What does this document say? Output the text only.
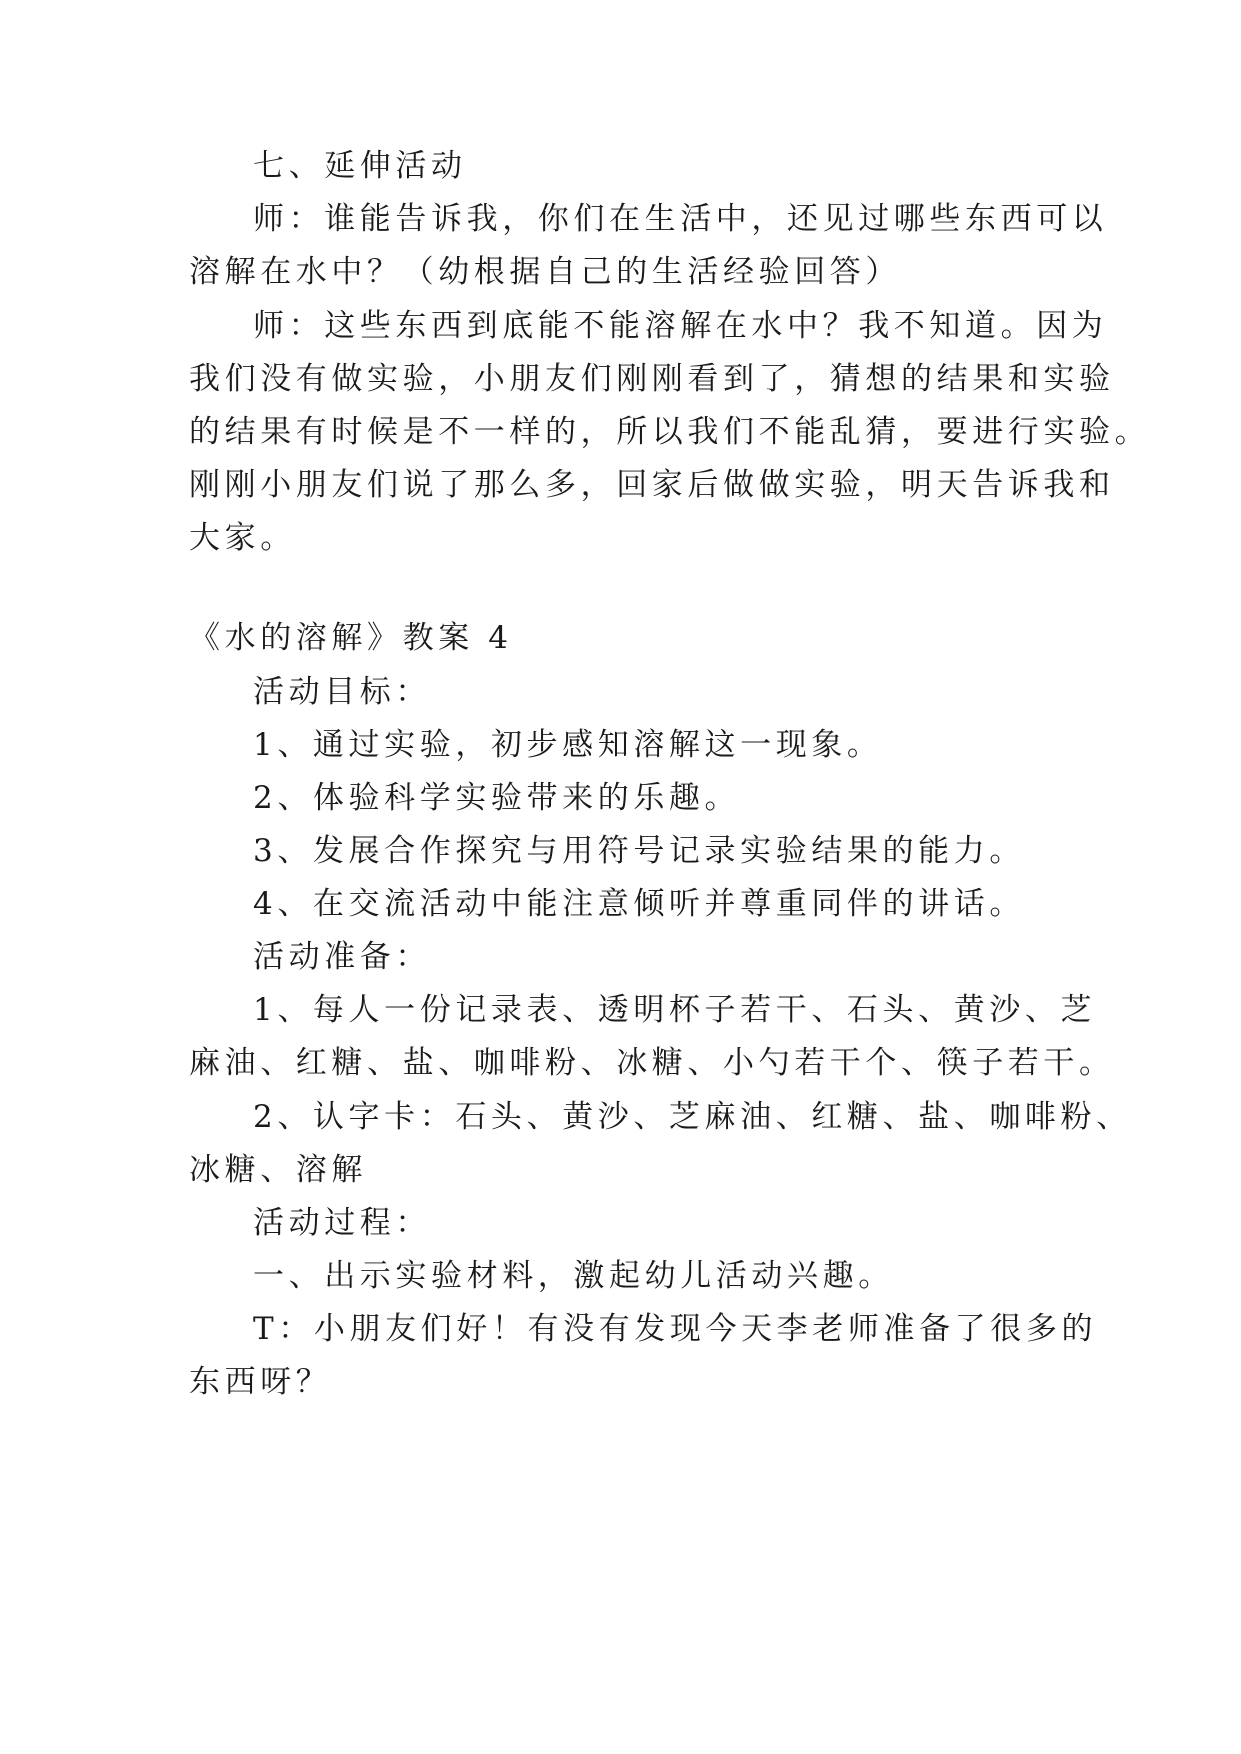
七、延伸活动
师：谁能告诉我，你们在生活中，还见过哪些东西可以
溶解在水中？（幼根据自己的生活经验回答）
师：这些东西到底能不能溶解在水中？我不知道。因为
我们没有做实验，小朋友们刚刚看到了，猜想的结果和实验
的结果有时候是不一样的，所以我们不能乱猜，要进行实验。
刚刚小朋友们说了那么多，回家后做做实验，明天告诉我和
大家。
《水的溶解》教案 4
活动目标：
1、通过实验，初步感知溶解这一现象。
2、体验科学实验带来的乐趣。
3、发展合作探究与用符号记录实验结果的能力。
4、在交流活动中能注意倾听并尊重同伴的讲话。
活动准备：
1、每人一份记录表、透明杯子若干、石头、黄沙、芝
麻油、红糖、盐、咖啡粉、冰糖、小勺若干个、筷子若干。
2、认字卡：石头、黄沙、芝麻油、红糖、盐、咖啡粉、
冰糖、溶解
活动过程：
一、出示实验材料，激起幼儿活动兴趣。
T：小朋友们好！有没有发现今天李老师准备了很多的
东西呀？
